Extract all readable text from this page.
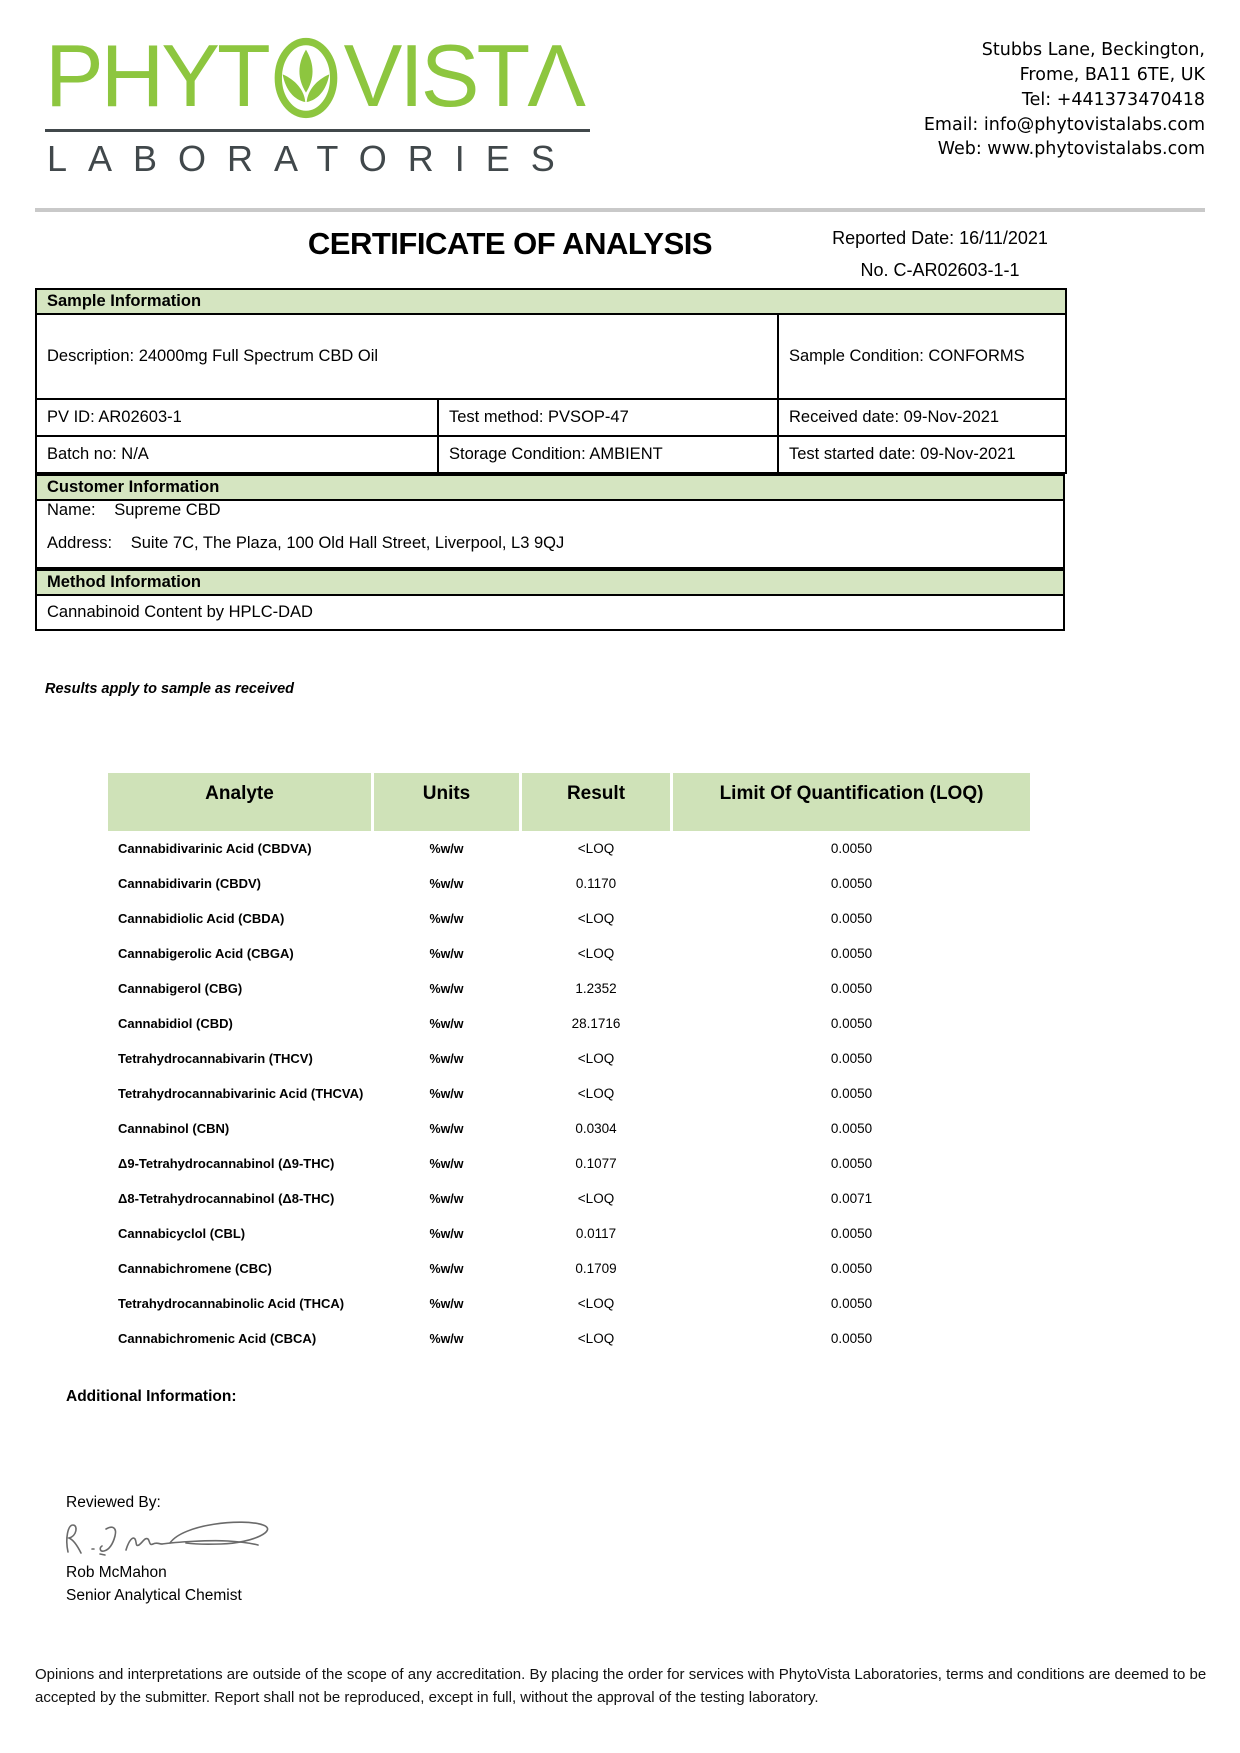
PHYT VIST Λ
LABORATORIES
Stubbs Lane, Beckington,
Frome, BA11 6TE, UK
Tel: +441373470418
Email: info@phytovistalabs.com
Web: www.phytovistalabs.com
CERTIFICATE OF ANALYSIS	Reported Date: 16/11/2021
No. C-AR02603-1-1
Sample Information		
Description: 24000mg Full Spectrum CBD Oil		Sample Condition: CONFORMS
PV ID: AR02603-1	Test method: PVSOP-47	Received date: 09-Nov-2021
Batch no: N/A	Storage Condition: AMBIENT	Test started date: 09-Nov-2021
Customer Information

Name: Supreme CBD
Address: Suite 7C, The Plaza, 100 Old Hall Street, Liverpool, L3 9QJ
Method Information
Cannabinoid Content by HPLC-DAD
Results apply to sample as received
Analyte	Units	Result	Limit Of Quantification (LOQ)
Cannabidivarinic Acid (CBDVA)	%w/w	<LOQ	0.0050
Cannabidivarin (CBDV)	%w/w	0.1170	0.0050
Cannabidiolic Acid (CBDA)	%w/w	<LOQ	0.0050
Cannabigerolic Acid (CBGA)	%w/w	<LOQ	0.0050
Cannabigerol (CBG)	%w/w	1.2352	0.0050
Cannabidiol (CBD)	%w/w	28.1716	0.0050
Tetrahydrocannabivarin (THCV)	%w/w	<LOQ	0.0050
Tetrahydrocannabivarinic Acid (THCVA)	%w/w	<LOQ	0.0050
Cannabinol (CBN)	%w/w	0.0304	0.0050
Δ9-Tetrahydrocannabinol (Δ9-THC)	%w/w	0.1077	0.0050
Δ8-Tetrahydrocannabinol (Δ8-THC)	%w/w	<LOQ	0.0071
Cannabicyclol (CBL)	%w/w	0.0117	0.0050
Cannabichromene (CBC)	%w/w	0.1709	0.0050
Tetrahydrocannabinolic Acid (THCA)	%w/w	<LOQ	0.0050
Cannabichromenic Acid (CBCA)	%w/w	<LOQ	0.0050
Additional Information:
Reviewed By:
Rob McMahon
Senior Analytical Chemist
Opinions and interpretations are outside of the scope of any accreditation. By placing the order for services with PhytoVista Laboratories, terms and conditions are deemed to be accepted by the submitter. Report shall not be reproduced, except in full, without the approval of the testing laboratory.
